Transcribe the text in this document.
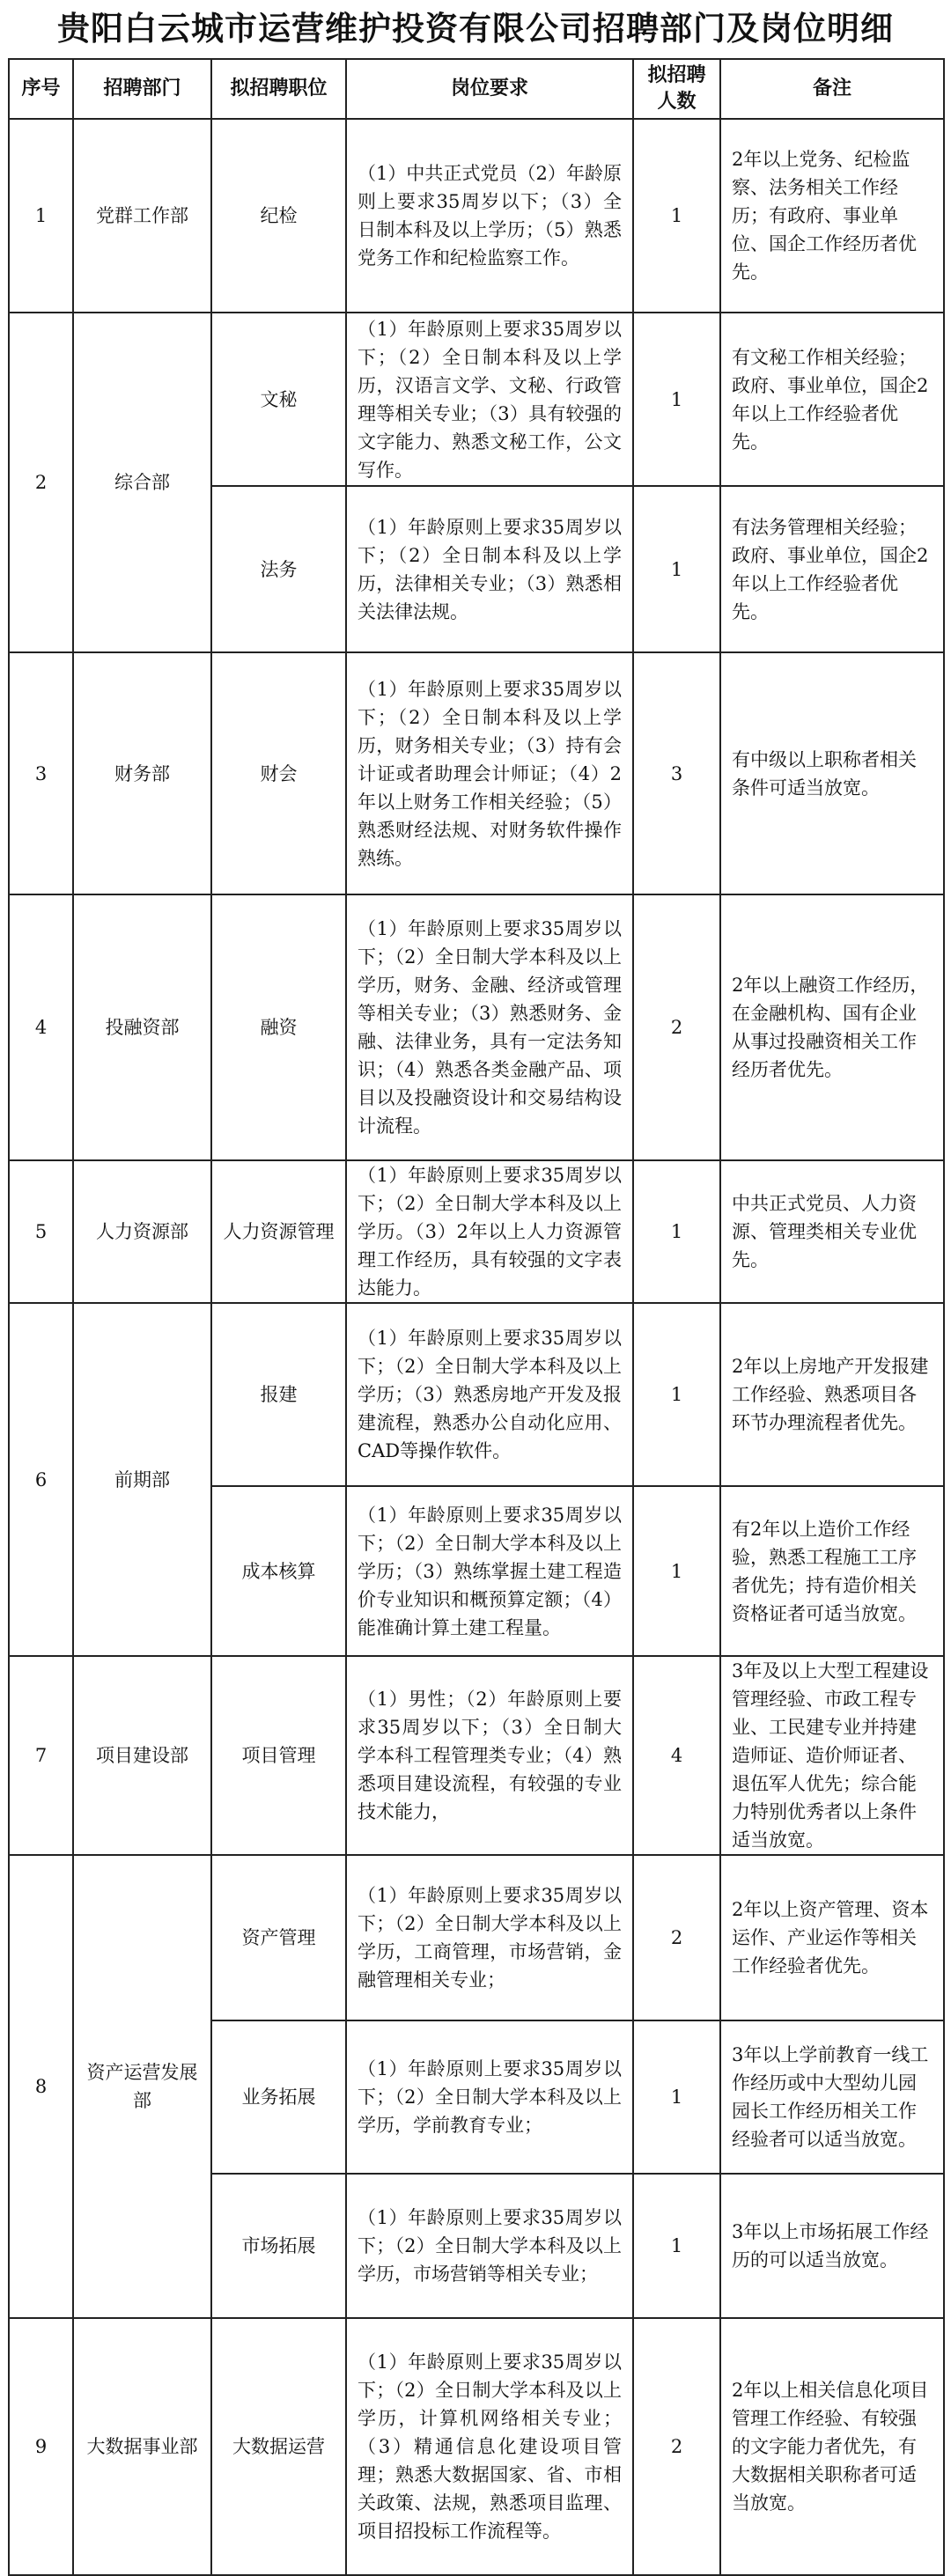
贵阳白云城市运营维护投资有限公司招聘部门及岗位明细
序号	招聘部门	拟招聘职位	岗位要求	拟招聘人数	备注
1	党群工作部	纪检	（1）中共正式党员（2）年龄原则上要求35周岁以下；（3）全日制本科及以上学历；（5）熟悉党务工作和纪检监察工作。	1	2年以上党务、纪检监察、法务相关工作经历；有政府、事业单位、国企工作经历者优先。
2	综合部	文秘	（1）年龄原则上要求35周岁以下；（2）全日制本科及以上学历，汉语言文学、文秘、行政管理等相关专业；（3）具有较强的文字能力、熟悉文秘工作，公文写作。	1	有文秘工作相关经验；政府、事业单位，国企2年以上工作经验者优先。
		法务	（1）年龄原则上要求35周岁以下；（2）全日制本科及以上学历，法律相关专业；（3）熟悉相关法律法规。	1	有法务管理相关经验；政府、事业单位，国企2年以上工作经验者优先。
3	财务部	财会	（1）年龄原则上要求35周岁以下；（2）全日制本科及以上学历，财务相关专业；（3）持有会计证或者助理会计师证；（4）2年以上财务工作相关经验；（5）熟悉财经法规、对财务软件操作熟练。	3	有中级以上职称者相关条件可适当放宽。
4	投融资部	融资	（1）年龄原则上要求35周岁以下；（2）全日制大学本科及以上学历，财务、金融、经济或管理等相关专业；（3）熟悉财务、金融、法律业务，具有一定法务知识；（4）熟悉各类金融产品、项目以及投融资设计和交易结构设计流程。	2	2年以上融资工作经历，在金融机构、国有企业从事过投融资相关工作经历者优先。
5	人力资源部	人力资源管理	（1）年龄原则上要求35周岁以下；（2）全日制大学本科及以上学历。（3）2年以上人力资源管理工作经历，具有较强的文字表达能力。	1	中共正式党员、人力资源、管理类相关专业优先。
6	前期部	报建	（1）年龄原则上要求35周岁以下；（2）全日制大学本科及以上学历；（3）熟悉房地产开发及报建流程，熟悉办公自动化应用、CAD等操作软件。	1	2年以上房地产开发报建工作经验、熟悉项目各环节办理流程者优先。
		成本核算	（1）年龄原则上要求35周岁以下；（2）全日制大学本科及以上学历；（3）熟练掌握土建工程造价专业知识和概预算定额；（4）能准确计算土建工程量。	1	有2年以上造价工作经验，熟悉工程施工工序者优先；持有造价相关资格证者可适当放宽。
7	项目建设部	项目管理	（1）男性；（2）年龄原则上要求35周岁以下；（3）全日制大学本科工程管理类专业；（4）熟悉项目建设流程，有较强的专业技术能力，	4	3年及以上大型工程建设管理经验、市政工程专业、工民建专业并持建造师证、造价师证者、退伍军人优先；综合能力特别优秀者以上条件适当放宽。
8	资产运营发展部	资产管理	（1）年龄原则上要求35周岁以下；（2）全日制大学本科及以上学历，工商管理，市场营销，金融管理相关专业；	2	2年以上资产管理、资本运作、产业运作等相关工作经验者优先。
		业务拓展	（1）年龄原则上要求35周岁以下；（2）全日制大学本科及以上学历，学前教育专业；	1	3年以上学前教育一线工作经历或中大型幼儿园园长工作经历相关工作经验者可以适当放宽。
		市场拓展	（1）年龄原则上要求35周岁以下；（2）全日制大学本科及以上学历，市场营销等相关专业；	1	3年以上市场拓展工作经历的可以适当放宽。
9	大数据事业部	大数据运营	（1）年龄原则上要求35周岁以下；（2）全日制大学本科及以上学历，计算机网络相关专业；（3）精通信息化建设项目管理；熟悉大数据国家、省、市相关政策、法规，熟悉项目监理、项目招投标工作流程等。	2	2年以上相关信息化项目管理工作经验、有较强的文字能力者优先，有大数据相关职称者可适当放宽。
